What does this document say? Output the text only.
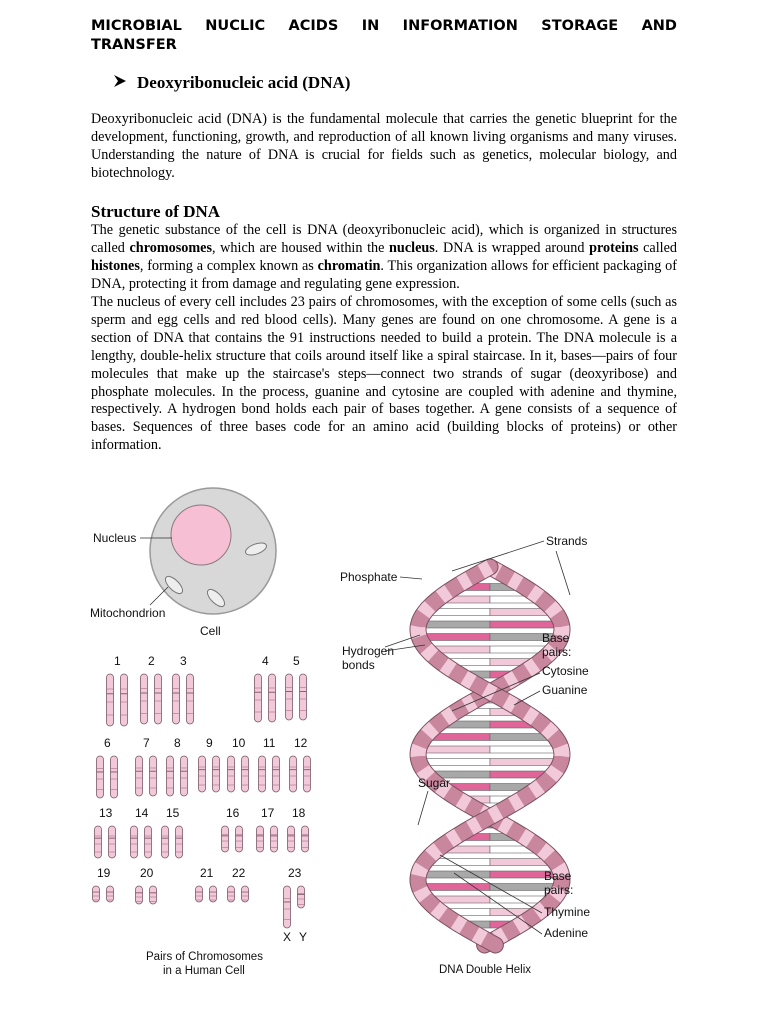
MICROBIAL NUCLIC ACIDS IN INFORMATION STORAGE AND
TRANSFER
Deoxyribonucleic acid (DNA)
Deoxyribonucleic acid (DNA) is the fundamental molecule that carries the genetic blueprint for the development, functioning, growth, and reproduction of all known living organisms and many viruses. Understanding the nature of DNA is crucial for fields such as genetics, molecular biology, and biotechnology.
Structure of DNA
The genetic substance of the cell is DNA (deoxyribonucleic acid), which is organized in structures called chromosomes, which are housed within the nucleus. DNA is wrapped around proteins called histones, forming a complex known as chromatin. This organization allows for efficient packaging of DNA, protecting it from damage and regulating gene expression.
The nucleus of every cell includes 23 pairs of chromosomes, with the exception of some cells (such as sperm and egg cells and red blood cells). Many genes are found on one chromosome. A gene is a section of DNA that contains the 91 instructions needed to build a protein. The DNA molecule is a lengthy, double-helix structure that coils around itself like a spiral staircase. In it, bases—pairs of four molecules that make up the staircase's steps—connect two strands of sugar (deoxyribose) and phosphate molecules. In the process, guanine and cytosine are coupled with adenine and thymine, respectively. A hydrogen bond holds each pair of bases together. A gene consists of a sequence of bases. Sequences of three bases code for an amino acid (building blocks of proteins) or other information.
Nucleus
Mitochondrion
Cell
1 2 3	4 5
6	7 8 9 10 11 12
13 14 15	16 17 18
19 20	21 22	23
X Y
Pairs of Chromosomes
in a Human Cell
Strands
Phosphate
Hydrogen
bonds
Base
pairs:
Cytosine
Guanine
Sugar
Base
pairs:
Thymine
Adenine
DNA Double Helix
